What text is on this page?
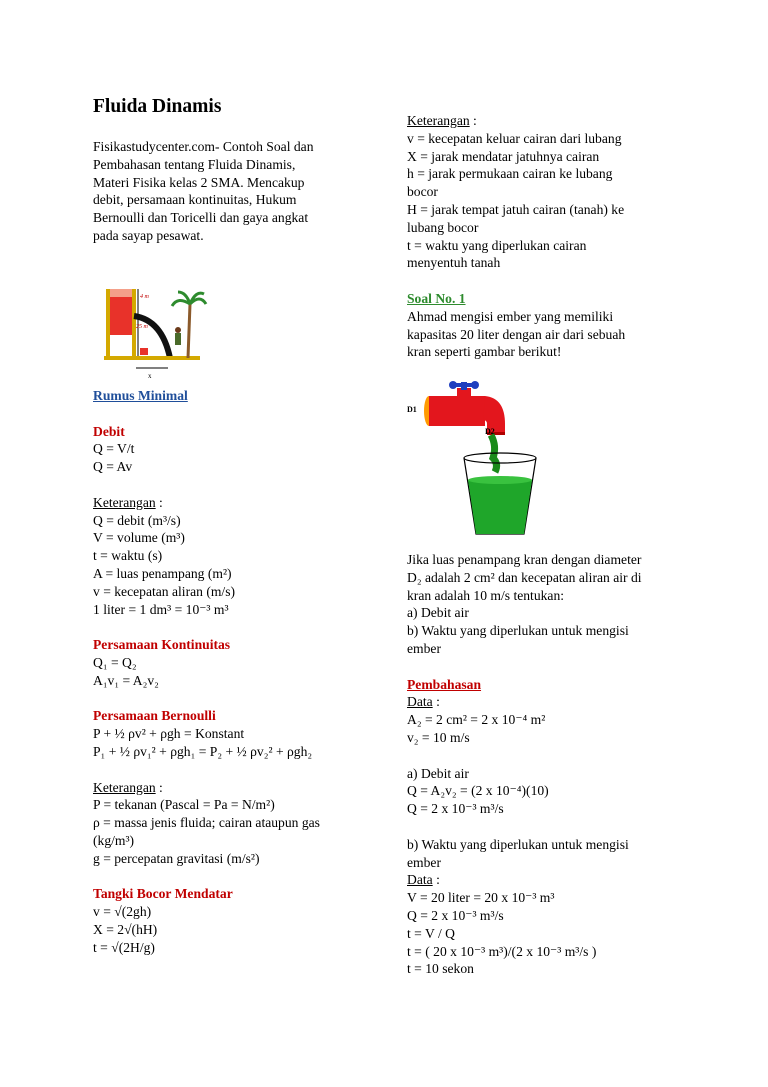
Fluida Dinamis
Fisikastudycenter.com- Contoh Soal dan
Pembahasan tentang Fluida Dinamis,
Materi Fisika kelas 2 SMA. Mencakup
debit, persamaan kontinuitas, Hukum
Bernoulli dan Toricelli dan gaya angkat
pada sayap pesawat.
Rumus Minimal
Debit
Q = V/t
Q = Av
Keterangan :
Q = debit (m³/s)
V = volume (m³)
t = waktu (s)
A = luas penampang (m²)
v = kecepatan aliran (m/s)
1 liter = 1 dm³ = 10⁻³ m³
Persamaan Kontinuitas
Q₁ = Q₂
A₁v₁ = A₂v₂
Persamaan Bernoulli
P + ½ ρv² + ρgh = Konstant
P₁ + ½ ρv₁² + ρgh₁ = P₂ + ½ ρv₂² + ρgh₂
Keterangan :
P = tekanan (Pascal = Pa = N/m²)
ρ = massa jenis fluida; cairan ataupun gas
(kg/m³)
g = percepatan gravitasi (m/s²)
Tangki Bocor Mendatar
v = √(2gh)
X = 2√(hH)
t = √(2H/g)
4 m
25 m
x
Keterangan :
v = kecepatan keluar cairan dari lubang
X = jarak mendatar jatuhnya cairan
h = jarak permukaan cairan ke lubang
bocor
H = jarak tempat jatuh cairan (tanah) ke
lubang bocor
t = waktu yang diperlukan cairan
menyentuh tanah
Soal No. 1
Ahmad mengisi ember yang memiliki
kapasitas 20 liter dengan air dari sebuah
kran seperti gambar berikut!
Jika luas penampang kran dengan diameter
D₂ adalah 2 cm² dan kecepatan aliran air di
kran adalah 10 m/s tentukan:
a) Debit air
b) Waktu yang diperlukan untuk mengisi
ember
Pembahasan
Data :
A₂ = 2 cm² = 2 x 10⁻⁴ m²
v₂ = 10 m/s
a) Debit air
Q = A₂v₂ = (2 x 10⁻⁴)(10)
Q = 2 x 10⁻³ m³/s
b) Waktu yang diperlukan untuk mengisi
ember
Data :
V = 20 liter = 20 x 10⁻³ m³
Q = 2 x 10⁻³ m³/s
t = V / Q
t = ( 20 x 10⁻³ m³)/(2 x 10⁻³ m³/s )
t = 10 sekon
D1
D2
